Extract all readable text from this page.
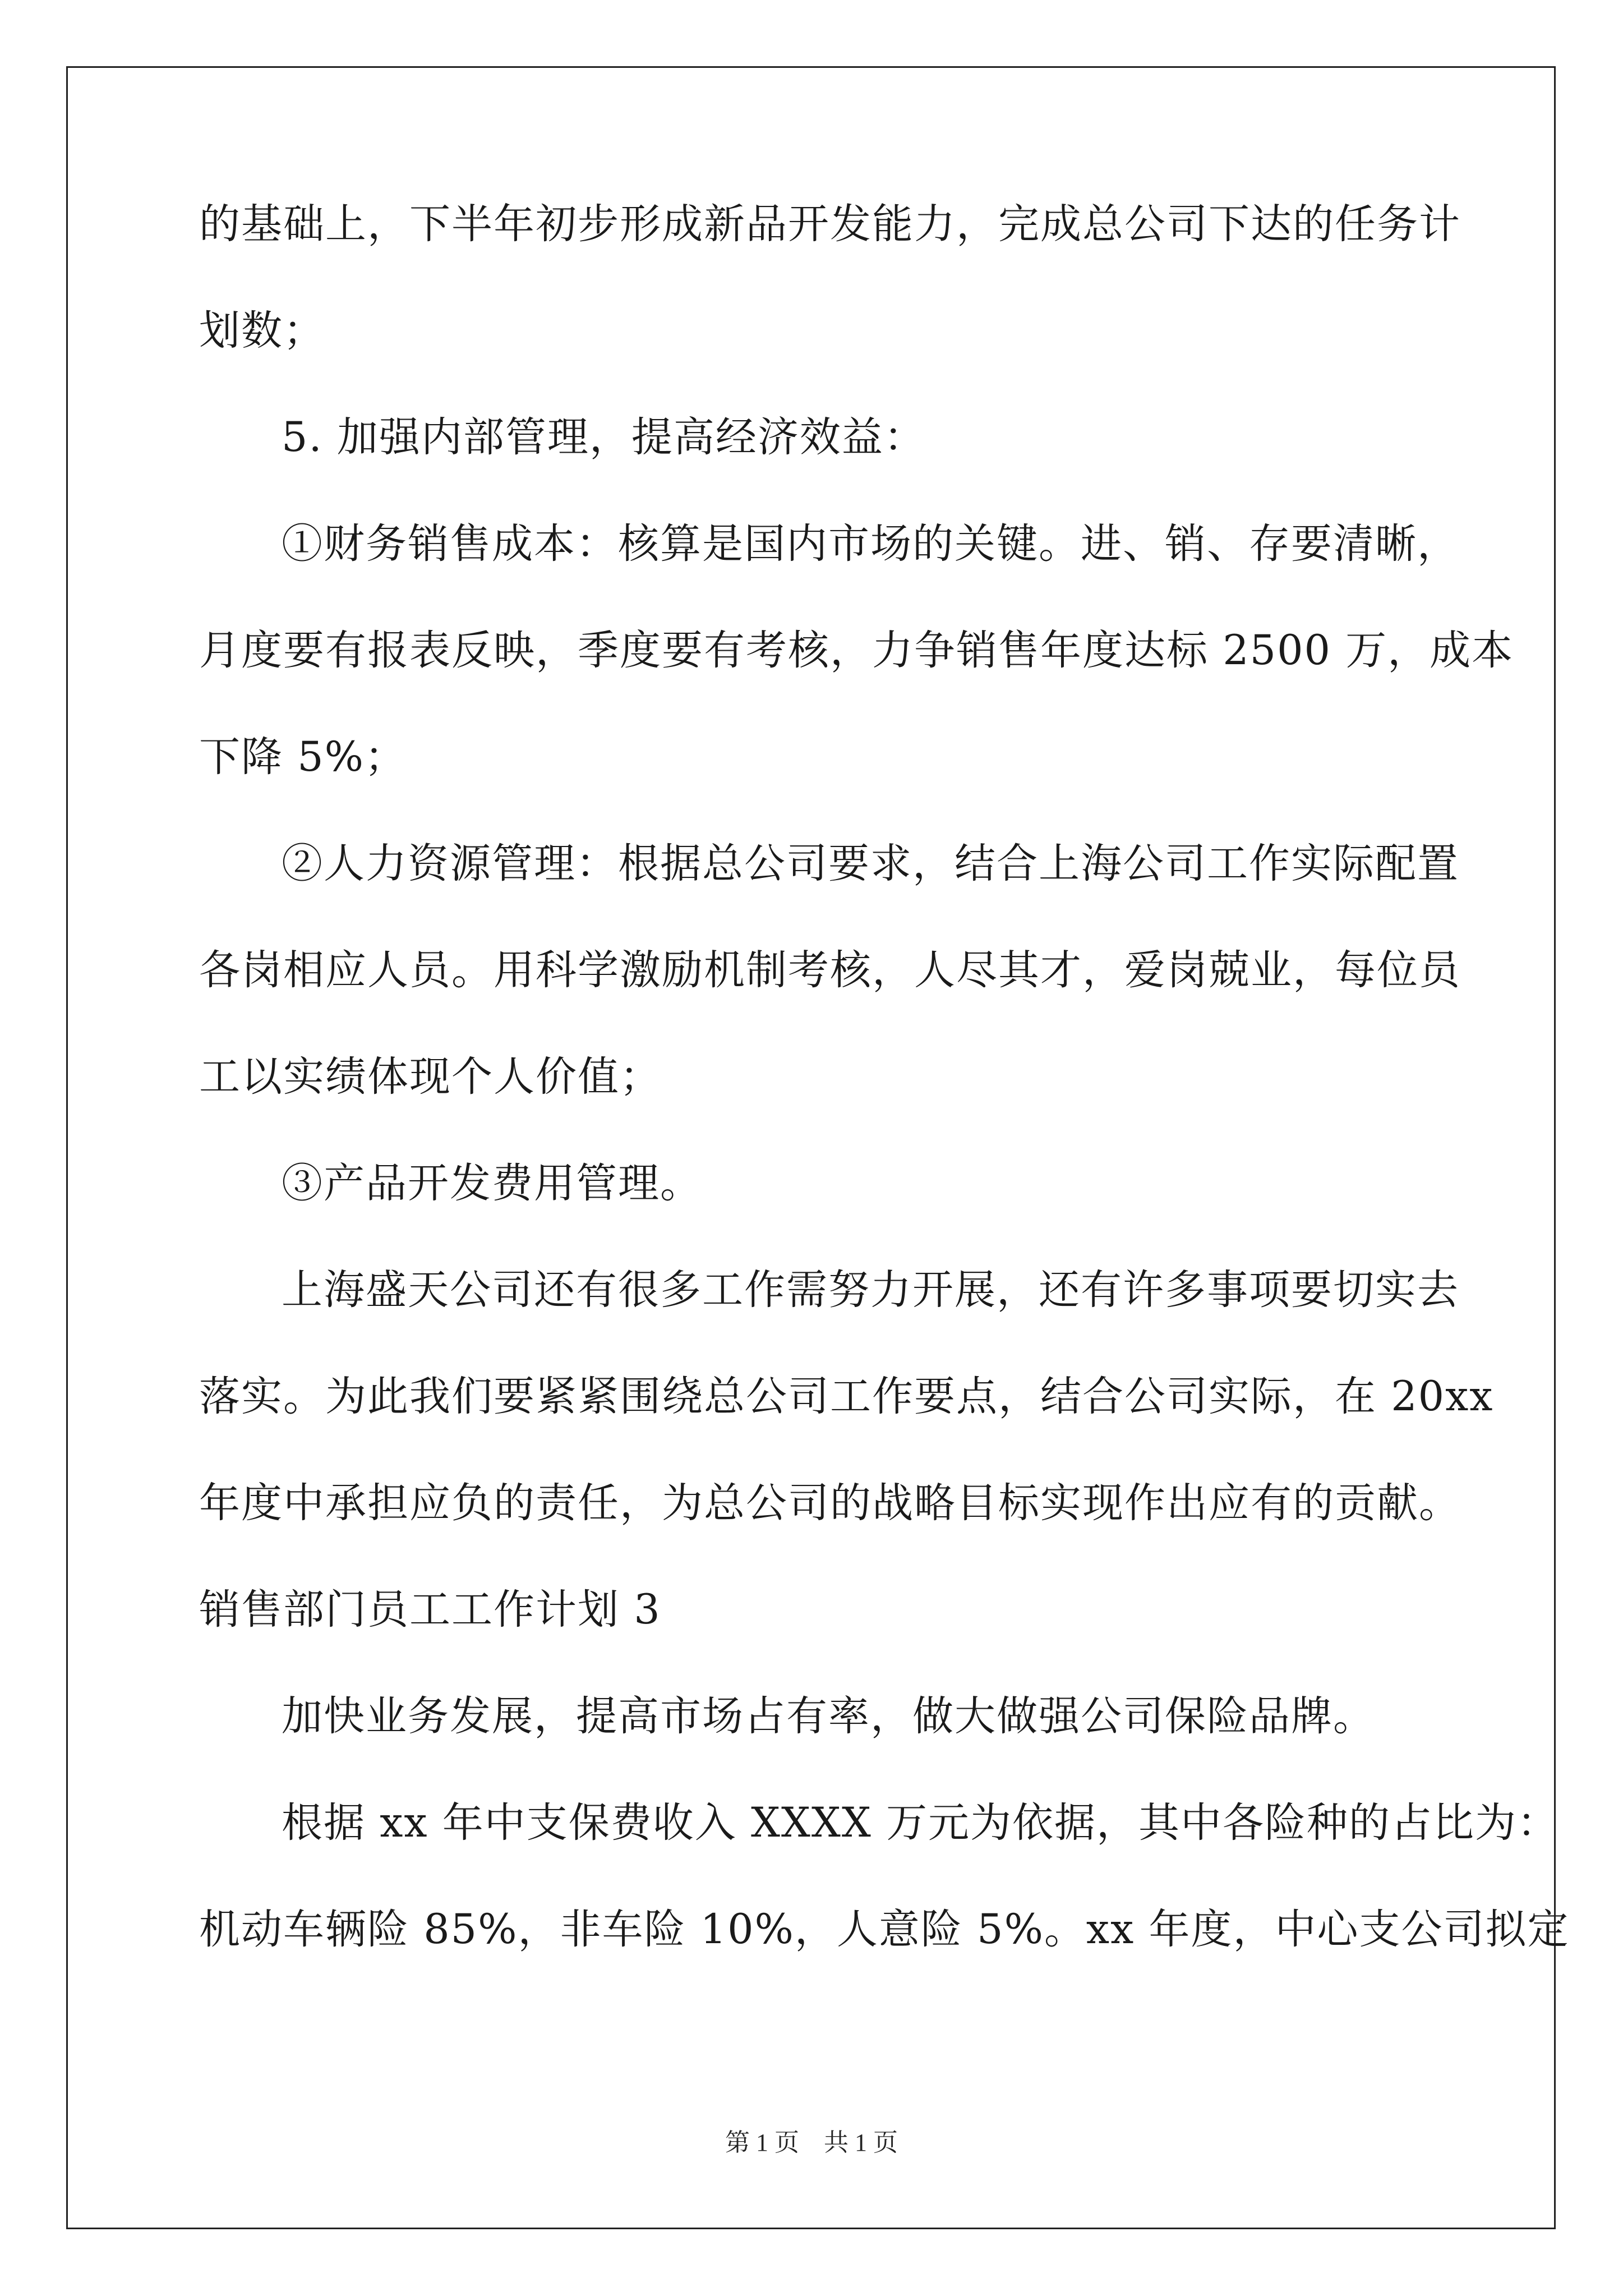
的基础上，下半年初步形成新品开发能力，完成总公司下达的任务计
划数；
5. 加强内部管理，提高经济效益：
①财务销售成本：核算是国内市场的关键。进、销、存要清晰，
月度要有报表反映，季度要有考核，力争销售年度达标 2500 万，成本
下降 5%；
②人力资源管理：根据总公司要求，结合上海公司工作实际配置
各岗相应人员。用科学激励机制考核，人尽其才，爱岗兢业，每位员
工以实绩体现个人价值；
③产品开发费用管理。
上海盛天公司还有很多工作需努力开展，还有许多事项要切实去
落实。为此我们要紧紧围绕总公司工作要点，结合公司实际，在 20xx
年度中承担应负的责任，为总公司的战略目标实现作出应有的贡献。
销售部门员工工作计划 3
加快业务发展，提高市场占有率，做大做强公司保险品牌。
根据 xx 年中支保费收入 XXXX 万元为依据，其中各险种的占比为：
机动车辆险 85%，非车险 10%，人意险 5%。xx 年度，中心支公司拟定
第 1 页　共 1 页
